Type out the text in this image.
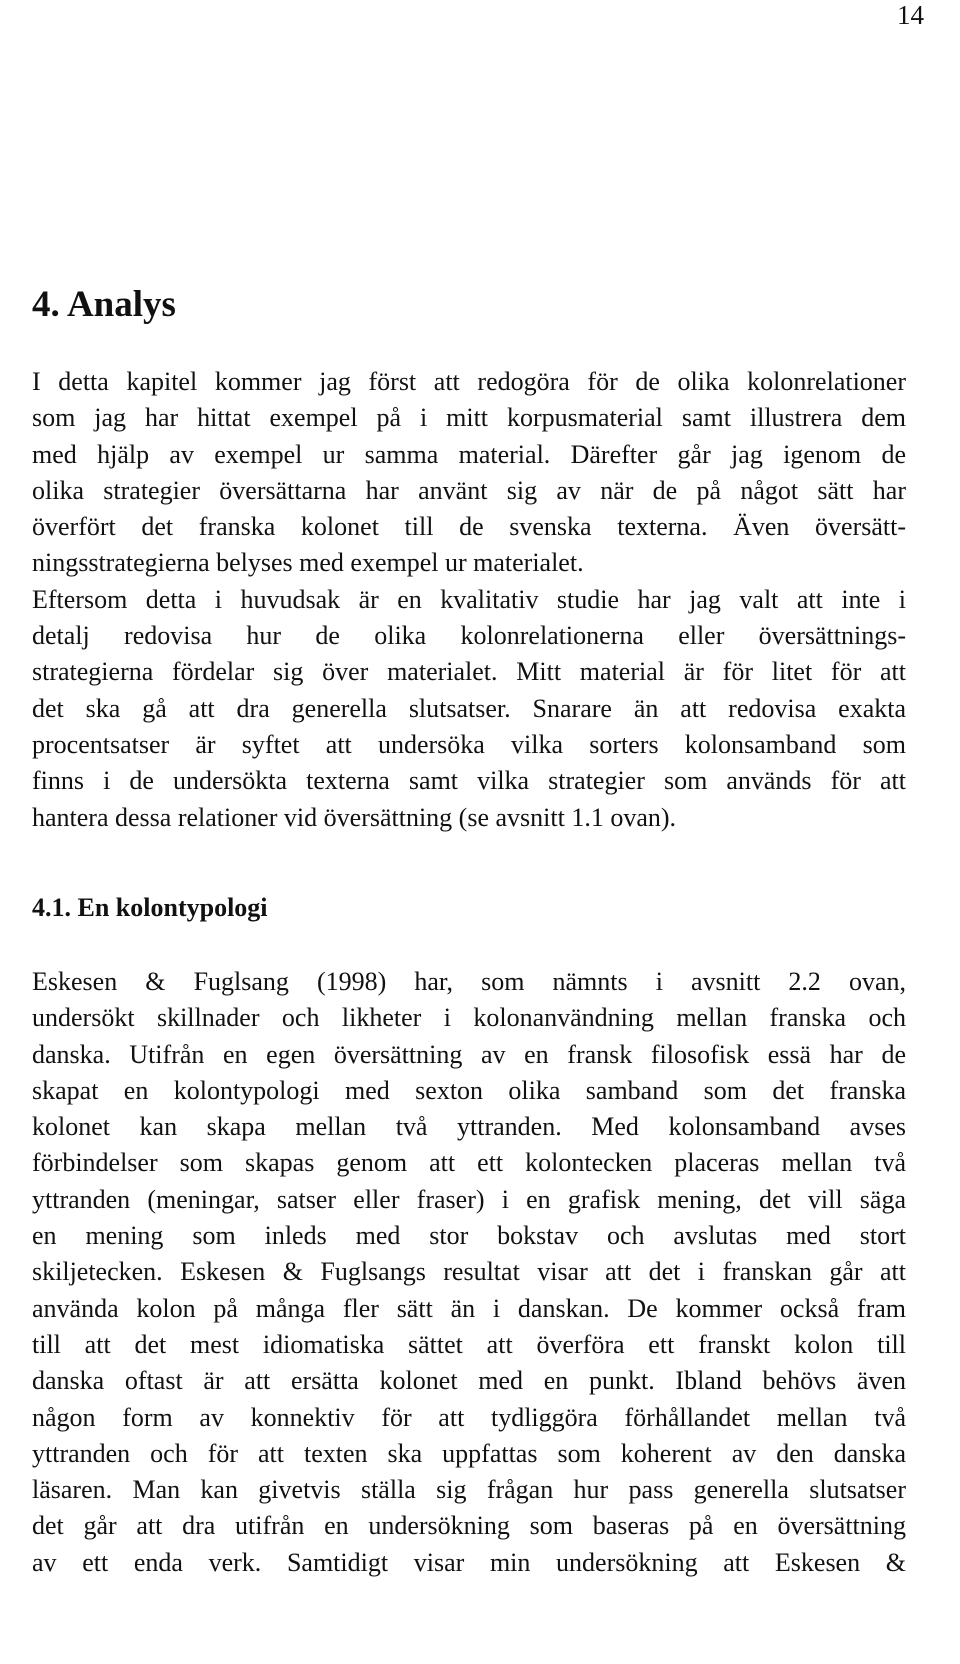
14
4. Analys
I detta kapitel kommer jag först att redogöra för de olika kolonrelationer
som jag har hittat exempel på i mitt korpusmaterial samt illustrera dem
med hjälp av exempel ur samma material. Därefter går jag igenom de
olika strategier översättarna har använt sig av när de på något sätt har
överfört det franska kolonet till de svenska texterna. Även översätt-
ningsstrategierna belyses med exempel ur materialet.
Eftersom detta i huvudsak är en kvalitativ studie har jag valt att inte i
detalj redovisa hur de olika kolonrelationerna eller översättnings-
strategierna fördelar sig över materialet. Mitt material är för litet för att
det ska gå att dra generella slutsatser. Snarare än att redovisa exakta
procentsatser är syftet att undersöka vilka sorters kolonsamband som
finns i de undersökta texterna samt vilka strategier som används för att
hantera dessa relationer vid översättning (se avsnitt 1.1 ovan).
4.1. En kolontypologi
Eskesen & Fuglsang (1998) har, som nämnts i avsnitt 2.2 ovan,
undersökt skillnader och likheter i kolonanvändning mellan franska och
danska. Utifrån en egen översättning av en fransk filosofisk essä har de
skapat en kolontypologi med sexton olika samband som det franska
kolonet kan skapa mellan två yttranden. Med kolonsamband avses
förbindelser som skapas genom att ett kolontecken placeras mellan två
yttranden (meningar, satser eller fraser) i en grafisk mening, det vill säga
en mening som inleds med stor bokstav och avslutas med stort
skiljetecken. Eskesen & Fuglsangs resultat visar att det i franskan går att
använda kolon på många fler sätt än i danskan. De kommer också fram
till att det mest idiomatiska sättet att överföra ett franskt kolon till
danska oftast är att ersätta kolonet med en punkt. Ibland behövs även
någon form av konnektiv för att tydliggöra förhållandet mellan två
yttranden och för att texten ska uppfattas som koherent av den danska
läsaren. Man kan givetvis ställa sig frågan hur pass generella slutsatser
det går att dra utifrån en undersökning som baseras på en översättning
av ett enda verk. Samtidigt visar min undersökning att Eskesen &
